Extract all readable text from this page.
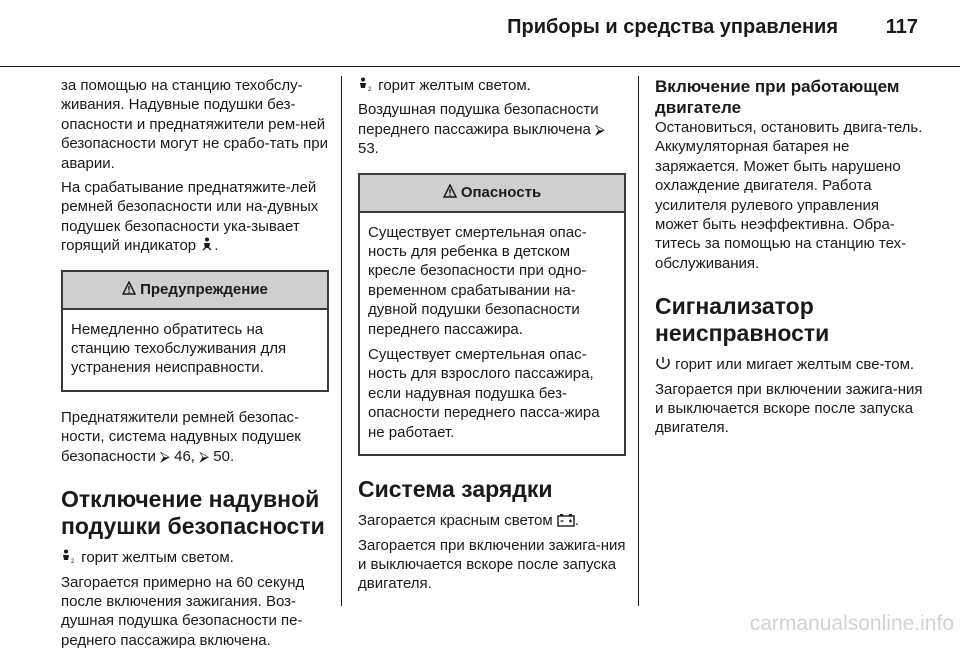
Приборы и средства управления 117

за помощью на станцию техобслу-живания. Надувные подушки без-опасности и преднатяжители рем-ней безопасности могут не срабо-тать при аварии.

На срабатывание преднатяжите-лей ремней безопасности или на-дувных подушек безопасности ука-зывает горящий индикатор .

Предупреждение

Немедленно обратитесь на станцию техобслуживания для устранения неисправности.

Преднатяжители ремней безопас-ности, система надувных подушек безопасности ⮚ 46, ⮚ 50.

Отключение надувной подушки безопасности

2 горит желтым светом.

Загорается примерно на 60 секунд после включения зажигания. Воз-душная подушка безопасности пе-реднего пассажира включена.

2 горит желтым светом.

Воздушная подушка безопасности переднего пассажира выключена ⮚ 53.

Опасность

Существует смертельная опас-ность для ребенка в детском кресле безопасности при одно-временном срабатывании на-дувной подушки безопасности переднего пассажира.

Существует смертельная опас-ность для взрослого пассажира, если надувная подушка без-опасности переднего пасса-жира не работает.

Система зарядки

Загорается красным светом .

Загорается при включении зажига-ния и выключается вскоре после запуска двигателя.

Включение при работающем двигателе

Остановиться, остановить двига-тель. Аккумуляторная батарея не заряжается. Может быть нарушено охлаждение двигателя. Работа усилителя рулевого управления может быть неэффективна. Обра-титесь за помощью на станцию тех-обслуживания.

Сигнализатор неисправности

горит или мигает желтым све-том.

Загорается при включении зажига-ния и выключается вскоре после запуска двигателя.

carmanualsonline.info
